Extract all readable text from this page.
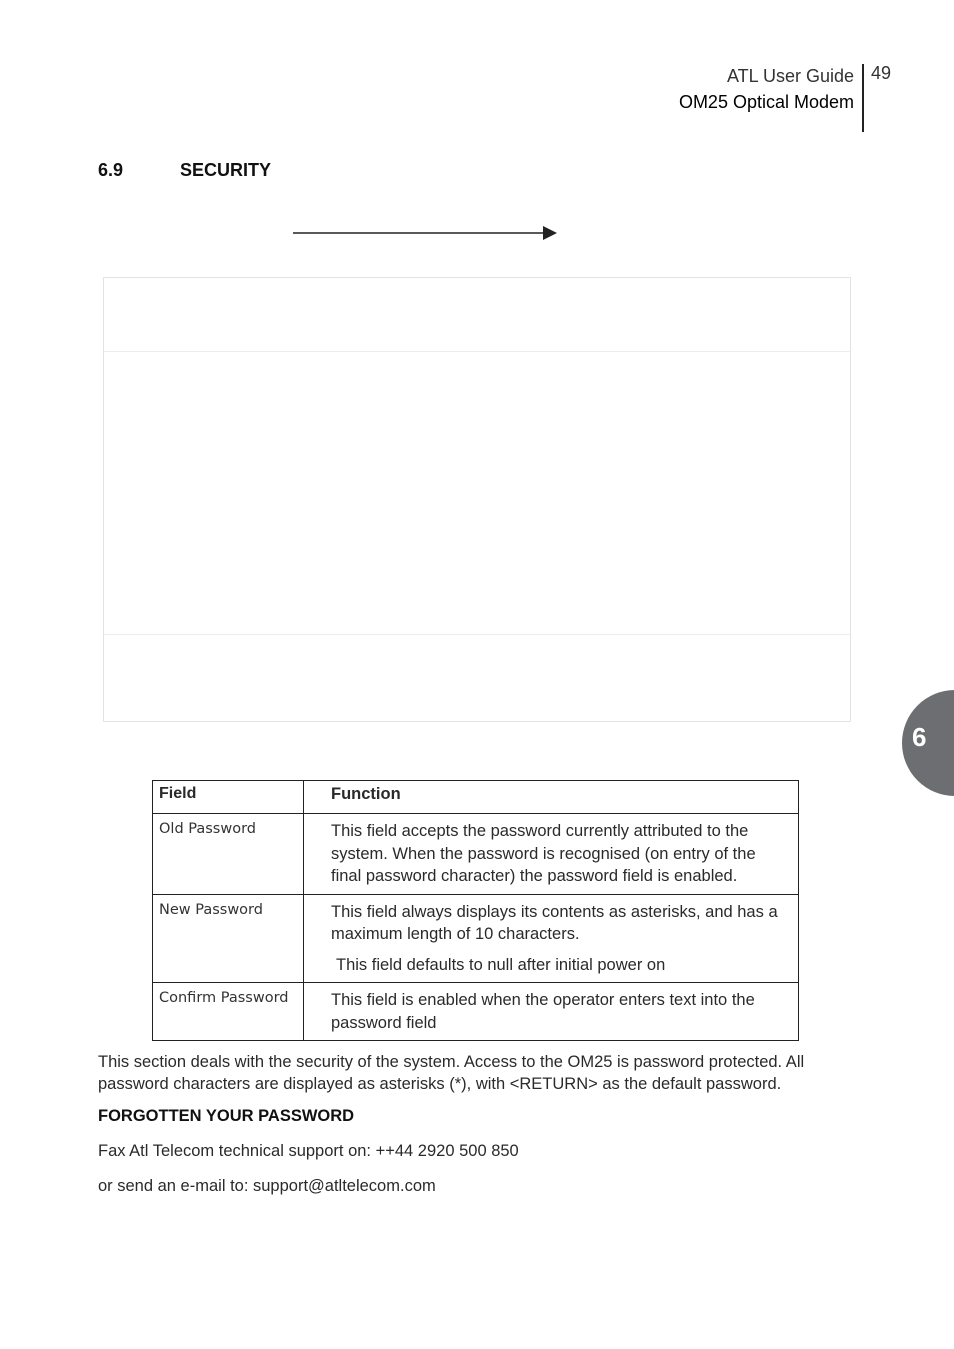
ATL User Guide
OM25 Optical Modem
49
6.9	SECURITY
6
Field	Function
Old Password	This field accepts the password currently attributed to the system. When the password is recognised (on entry of the final password character) the password field is enabled.

New Password	This field always displays its contents as asterisks, and has a maximum length of 10 characters.

This field defaults to null after initial power on

Confirm Password	This field is enabled when the operator enters text into the password field

This section deals with the security of the system. Access to the OM25 is password protected. All password characters are displayed as asterisks (*), with <RETURN> as the default password.
FORGOTTEN YOUR PASSWORD
Fax Atl Telecom technical support on: ++44 2920 500 850
or send an e-mail to: support@atltelecom.com
